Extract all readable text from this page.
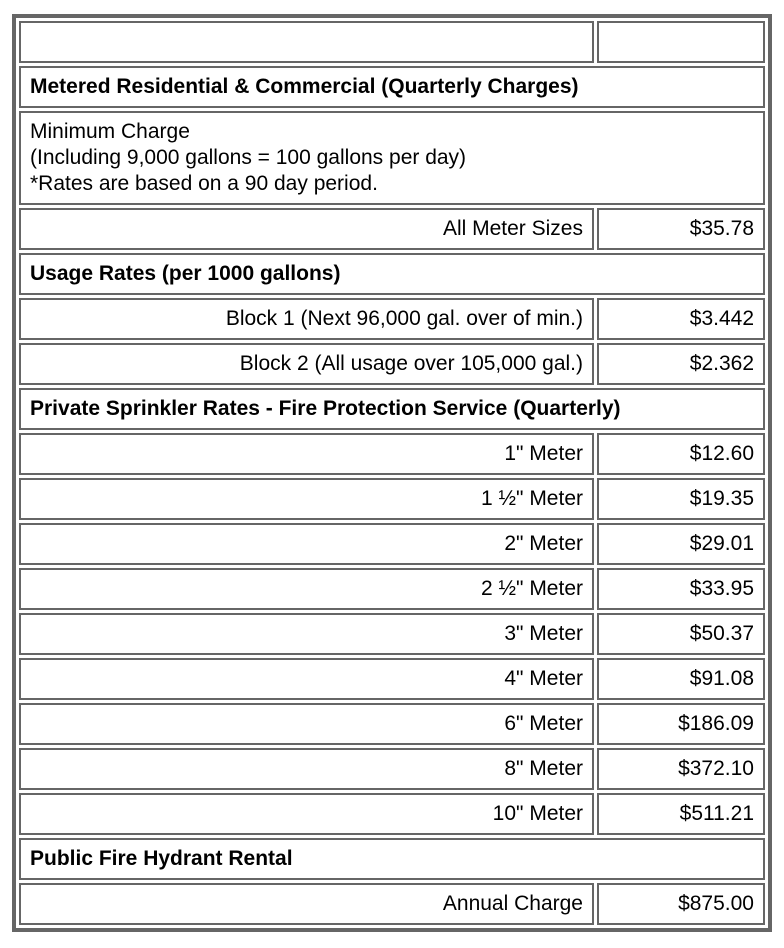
Classification	Rates*
Metered Residential & Commercial (Quarterly Charges)	

Minimum Charge
(Including 9,000 gallons = 100 gallons per day)
*Rates are based on a 90 day period.	

All Meter Sizes	$35.78
Usage Rates (per 1000 gallons)	
Block 1 (Next 96,000 gal. over of min.)	$3.442
Block 2 (All usage over 105,000 gal.)	$2.362
Private Sprinkler Rates - Fire Protection Service (Quarterly)	
1" Meter	$12.60
1 ½" Meter	$19.35
2" Meter	$29.01
2 ½" Meter	$33.95
3" Meter	$50.37
4" Meter	$91.08
6" Meter	$186.09
8" Meter	$372.10
10" Meter	$511.21
Public Fire Hydrant Rental	
Annual Charge	$875.00
